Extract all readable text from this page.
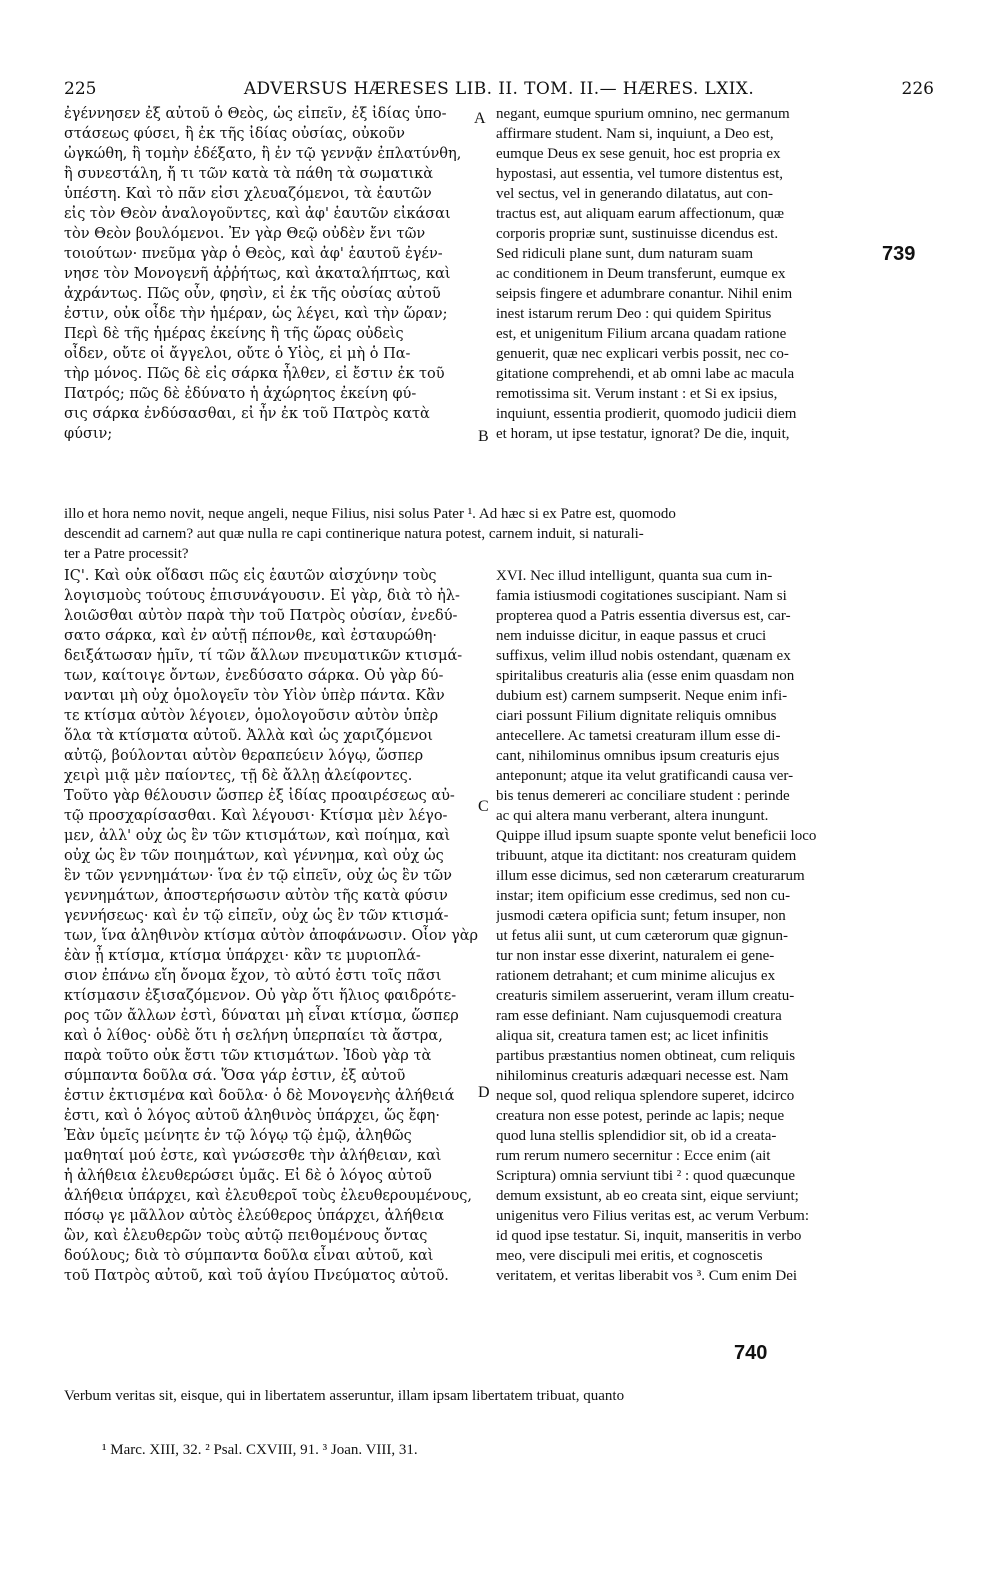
225	ADVERSUS HÆRESES LIB. II. TOM. II.— HÆRES. LXIX.	226
ἐγέννησεν ἐξ αὐτοῦ ὁ Θεὸς, ὡς εἰπεῖν, ἐξ ἰδίας ὑπο-
στάσεως φύσει, ἢ ἐκ τῆς ἰδίας οὐσίας, οὐκοῦν
ὠγκώθη, ἢ τομὴν ἐδέξατο, ἢ ἐν τῷ γεννᾷν ἐπλατύνθη,
ἢ συνεστάλη, ἤ τι τῶν κατὰ τὰ πάθη τὰ σωματικὰ
ὑπέστη. Καὶ τὸ πᾶν εἰσι χλευαζόμενοι, τὰ ἑαυτῶν
εἰς τὸν Θεὸν ἀναλογοῦντες, καὶ ἀφ' ἑαυτῶν εἰκάσαι
τὸν Θεὸν βουλόμενοι. Ἐν γὰρ Θεῷ οὐδὲν ἔνι τῶν
τοιούτων· πνεῦμα γὰρ ὁ Θεὸς, καὶ ἀφ' ἑαυτοῦ ἐγέν-
νησε τὸν Μονογενῆ ἀῤῥήτως, καὶ ἀκαταλήπτως, καὶ
ἀχράντως. Πῶς οὖν, φησὶν, εἰ ἐκ τῆς οὐσίας αὐτοῦ
ἐστιν, οὐκ οἶδε τὴν ἡμέραν, ὡς λέγει, καὶ τὴν ὥραν;
Περὶ δὲ τῆς ἡμέρας ἐκείνης ἢ τῆς ὥρας οὐδεὶς
οἶδεν, οὔτε οἱ ἄγγελοι, οὔτε ὁ Υἱὸς, εἰ μὴ ὁ Πα-
τὴρ μόνος. Πῶς δὲ εἰς σάρκα ἦλθεν, εἰ ἔστιν ἐκ τοῦ
Πατρός; πῶς δὲ ἐδύνατο ἡ ἀχώρητος ἐκείνη φύ-
σις σάρκα ἐνδύσασθαι, εἰ ἦν ἐκ τοῦ Πατρὸς κατὰ
φύσιν;
negant, eumque spurium omnino, nec germanum
affirmare student. Nam si, inquiunt, a Deo est,
eumque Deus ex sese genuit, hoc est propria ex
hypostasi, aut essentia, vel tumore distentus est,
vel sectus, vel in generando dilatatus, aut con-
tractus est, aut aliquam earum affectionum, quæ
corporis propriæ sunt, sustinuisse dicendus est.
Sed ridiculi plane sunt, dum naturam suam
ac conditionem in Deum transferunt, eumque ex
seipsis fingere et adumbrare conantur. Nihil enim
inest istarum rerum Deo : qui quidem Spiritus
est, et unigenitum Filium arcana quadam ratione
genuerit, quæ nec explicari verbis possit, nec co-
gitatione comprehendi, et ab omni labe ac macula
remotissima sit. Verum instant : et Si ex ipsius,
inquiunt, essentia prodierit, quomodo judicii diem
et horam, ut ipse testatur, ignorat? De die, inquit,
illo et hora nemo novit, neque angeli, neque Filius, nisi solus Pater ¹. Ad hæc si ex Patre est, quomodo
descendit ad carnem? aut quæ nulla re capi continerique natura potest, carnem induit, si naturali-
ter a Patre processit?
ΙϚ'. Καὶ οὐκ οἴδασι πῶς εἰς ἑαυτῶν αἰσχύνην τοὺς
λογισμοὺς τούτους ἐπισυνάγουσιν. Εἰ γὰρ, διὰ τὸ ἠλ-
λοιῶσθαι αὐτὸν παρὰ τὴν τοῦ Πατρὸς οὐσίαν, ἐνεδύ-
σατο σάρκα, καὶ ἐν αὐτῇ πέπονθε, καὶ ἐσταυρώθη·
δειξάτωσαν ἡμῖν, τί τῶν ἄλλων πνευματικῶν κτισμά-
των, καίτοιγε ὄντων, ἐνεδύσατο σάρκα. Οὐ γὰρ δύ-
νανται μὴ οὐχ ὁμολογεῖν τὸν Υἱὸν ὑπὲρ πάντα. Κἂν
τε κτίσμα αὐτὸν λέγοιεν, ὁμολογοῦσιν αὐτὸν ὑπὲρ
ὅλα τὰ κτίσματα αὐτοῦ. Ἀλλὰ καὶ ὡς χαριζόμενοι
αὐτῷ, βούλονται αὐτὸν θεραπεύειν λόγῳ, ὥσπερ
χειρὶ μιᾷ μὲν παίοντες, τῇ δὲ ἄλλῃ ἀλείφοντες.
Τοῦτο γὰρ θέλουσιν ὥσπερ ἐξ ἰδίας προαιρέσεως αὐ-
τῷ προσχαρίσασθαι. Καὶ λέγουσι· Κτίσμα μὲν λέγο-
μεν, ἀλλ' οὐχ ὡς ἓν τῶν κτισμάτων, καὶ ποίημα, καὶ
οὐχ ὡς ἓν τῶν ποιημάτων, καὶ γέννημα, καὶ οὐχ ὡς
ἓν τῶν γεννημάτων· ἵνα ἐν τῷ εἰπεῖν, οὐχ ὡς ἓν τῶν
γεννημάτων, ἀποστερήσωσιν αὐτὸν τῆς κατὰ φύσιν
γεννήσεως· καὶ ἐν τῷ εἰπεῖν, οὐχ ὡς ἓν τῶν κτισμά-
των, ἵνα ἀληθινὸν κτίσμα αὐτὸν ἀποφάνωσιν. Οἷον γὰρ
ἐὰν ᾖ κτίσμα, κτίσμα ὑπάρχει· κἂν τε μυριοπλά-
σιον ἐπάνω εἴη ὄνομα ἔχον, τὸ αὐτό ἐστι τοῖς πᾶσι
κτίσμασιν ἐξισαζόμενον. Οὐ γὰρ ὅτι ἥλιος φαιδρότε-
ρος τῶν ἄλλων ἐστὶ, δύναται μὴ εἶναι κτίσμα, ὥσπερ
καὶ ὁ λίθος· οὐδὲ ὅτι ἡ σελήνη ὑπερπαίει τὰ ἄστρα,
παρὰ τοῦτο οὐκ ἔστι τῶν κτισμάτων. Ἰδοὺ γὰρ τὰ
σύμπαντα δοῦλα σά. Ὅσα γάρ ἐστιν, ἐξ αὐτοῦ
ἐστιν ἐκτισμένα καὶ δοῦλα· ὁ δὲ Μονογενὴς ἀλήθειά
ἐστι, καὶ ὁ λόγος αὐτοῦ ἀληθινὸς ὑπάρχει, ὥς ἔφη·
Ἐὰν ὑμεῖς μείνητε ἐν τῷ λόγῳ τῷ ἐμῷ, ἀληθῶς
μαθηταί μού ἐστε, καὶ γνώσεσθε τὴν ἀλήθειαν, καὶ
ἡ ἀλήθεια ἐλευθερώσει ὑμᾶς. Εἰ δὲ ὁ λόγος αὐτοῦ
ἀλήθεια ὑπάρχει, καὶ ἐλευθεροῖ τοὺς ἐλευθερουμένους,
πόσῳ γε μᾶλλον αὐτὸς ἐλεύθερος ὑπάρχει, ἀλήθεια
ὢν, καὶ ἐλευθερῶν τοὺς αὐτῷ πειθομένους ὄντας
δούλους; διὰ τὸ σύμπαντα δοῦλα εἶναι αὐτοῦ, καὶ
τοῦ Πατρὸς αὐτοῦ, καὶ τοῦ ἁγίου Πνεύματος αὐτοῦ.
XVI. Nec illud intelligunt, quanta sua cum in-
famia istiusmodi cogitationes suscipiant. Nam si
propterea quod a Patris essentia diversus est, car-
nem induisse dicitur, in eaque passus et cruci
suffixus, velim illud nobis ostendant, quænam ex
spiritalibus creaturis alia (esse enim quasdam non
dubium est) carnem sumpserit. Neque enim infi-
ciari possunt Filium dignitate reliquis omnibus
antecellere. Ac tametsi creaturam illum esse di-
cant, nihilominus omnibus ipsum creaturis ejus
anteponunt; atque ita velut gratificandi causa ver-
bis tenus demereri ac conciliare student : perinde
ac qui altera manu verberant, altera inungunt.
Quippe illud ipsum suapte sponte velut beneficii loco
tribuunt, atque ita dictitant: nos creaturam quidem
illum esse dicimus, sed non cæterarum creaturarum
instar; item opificium esse credimus, sed non cu-
jusmodi cætera opificia sunt; fetum insuper, non
ut fetus alii sunt, ut cum cæterorum quæ gignun-
tur non instar esse dixerint, naturalem ei gene-
rationem detrahant; et cum minime alicujus ex
creaturis similem asseruerint, veram illum creatu-
ram esse definiant. Nam cujusquemodi creatura
aliqua sit, creatura tamen est; ac licet infinitis
partibus præstantius nomen obtineat, cum reliquis
nihilominus creaturis adæquari necesse est. Nam
neque sol, quod reliqua splendore superet, idcirco
creatura non esse potest, perinde ac lapis; neque
quod luna stellis splendidior sit, ob id a creata-
rum rerum numero secernitur : Ecce enim (ait
Scriptura) omnia serviunt tibi ² : quod quæcunque
demum exsistunt, ab eo creata sint, eique serviunt;
unigenitus vero Filius veritas est, ac verum Verbum:
id quod ipse testatur. Si, inquit, manseritis in verbo
meo, vere discipuli mei eritis, et cognoscetis
veritatem, et veritas liberabit vos ³. Cum enim Dei
Verbum veritas sit, eisque, qui in libertatem asseruntur, illam ipsam libertatem tribuat, quanto
A
B
C
D
739
740
¹ Marc. XIII, 32. ² Psal. CXVIII, 91. ³ Joan. VIII, 31.
